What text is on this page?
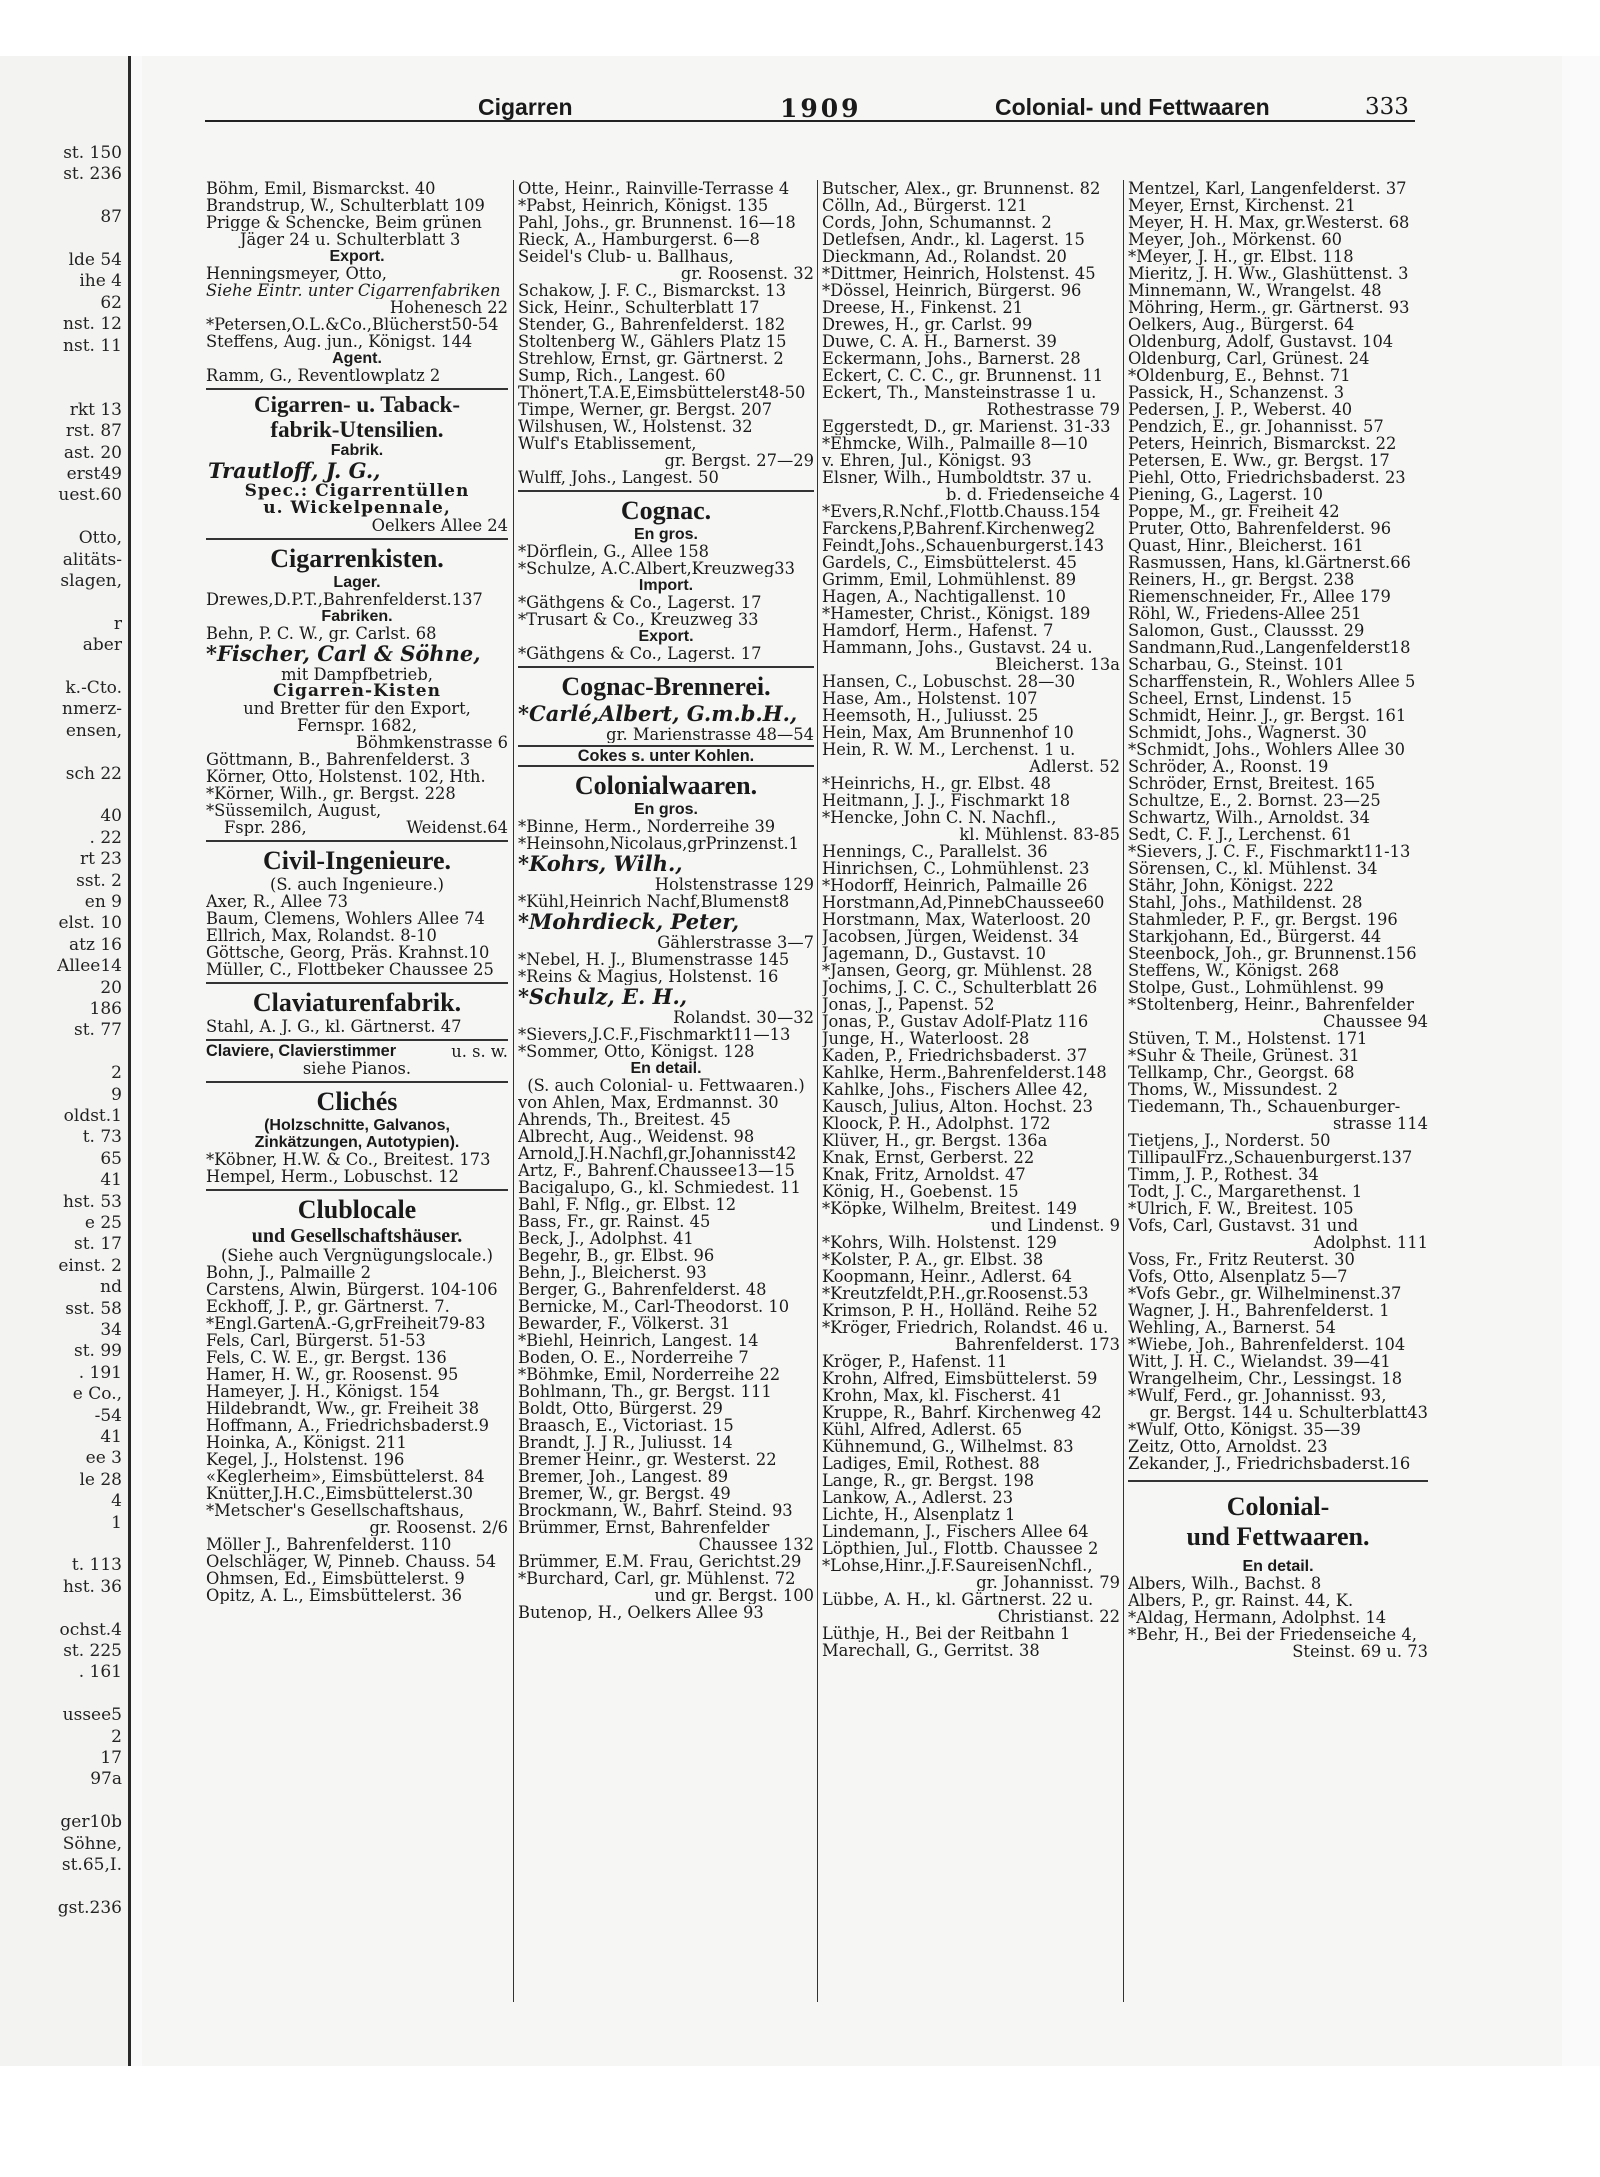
st. 150
st. 236
87
lde 54
ihe 4
62
nst. 12
nst. 11
rkt 13
rst. 87
ast. 20
erst49
uest.60
Otto,
alitäts-
slagen,
r
aber
k.-Cto.
nmerz-
ensen,
sch 22
40
. 22
rt 23
sst. 2
en 9
elst. 10
atz 16
Allee14
20
186
st. 77
2
9
oldst.1
t. 73
65
41
hst. 53
e 25
st. 17
einst. 2
nd
sst. 58
34
st. 99
. 191
e Co.,
-54
41
ee 3
le 28
4
1
t. 113
hst. 36
ochst.4
st. 225
. 161
ussee5
2
17
97a
ger10b
Söhne,
st.65,I.
gst.236
Cigarren	1909	Colonial- und Fettwaaren	333
Böhm, Emil, Bismarckst. 40
Brandstrup, W., Schulterblatt 109
Prigge & Schencke, Beim grünen
Jäger 24 u. Schulterblatt 3
Export.
Henningsmeyer, Otto,
Siehe Eintr. unter Cigarrenfabriken
Hohenesch 22
*Petersen,O.L.&Co.,Blücherst50-54
Steffens, Aug. jun., Königst. 144
Agent.
Ramm, G., Reventlowplatz 2
Cigarren- u. Taback-
fabrik-Utensilien.
Fabrik.
Trautloff, J. G.,
Spec.: Cigarrentüllen
u. Wickelpennale,
Oelkers Allee 24
Cigarrenkisten.
Lager.
Drewes,D.P.T.,Bahrenfelderst.137
Fabriken.
Behn, P. C. W., gr. Carlst. 68
*Fischer, Carl & Söhne,
mit Dampfbetrieb,
Cigarren-Kisten
und Bretter für den Export,
Fernspr. 1682,
Böhmkenstrasse 6
Göttmann, B., Bahrenfelderst. 3
Körner, Otto, Holstenst. 102, Hth.
*Körner, Wilh., gr. Bergst. 228
*Süssemilch, August,
Fspr. 286,	Weidenst.64
Civil-Ingenieure.
(S. auch Ingenieure.)
Axer, R., Allee 73
Baum, Clemens, Wohlers Allee 74
Ellrich, Max, Rolandst. 8-10
Göttsche, Georg, Präs. Krahnst.10
Müller, C., Flottbeker Chaussee 25
Claviaturenfabrik.
Stahl, A. J. G., kl. Gärtnerst. 47
Claviere, Clavierstimmer	u. s. w.
siehe Pianos.
Clichés
(Holzschnitte, Galvanos,
Zinkätzungen, Autotypien).
*Köbner, H.W. & Co., Breitest. 173
Hempel, Herm., Lobuschst. 12
Clublocale
und Gesellschaftshäuser.
(Siehe auch Vergnügungslocale.)
Bohn, J., Palmaille 2
Carstens, Alwin, Bürgerst. 104-106
Eckhoff, J. P., gr. Gärtnerst. 7.
*Engl.GartenA.-G,grFreiheit79-83
Fels, Carl, Bürgerst. 51-53
Fels, C. W. E., gr. Bergst. 136
Hamer, H. W., gr. Roosenst. 95
Hameyer, J. H., Königst. 154
Hildebrandt, Ww., gr. Freiheit 38
Hoffmann, A., Friedrichsbaderst.9
Hoinka, A., Königst. 211
Kegel, J., Holstenst. 196
«Keglerheim», Eimsbüttelerst. 84
Knütter,J.H.C.,Eimsbüttelerst.30
*Metscher's Gesellschaftshaus,
gr. Roosenst. 2/6
Möller J., Bahrenfelderst. 110
Oelschläger, W, Pinneb. Chauss. 54
Ohmsen, Ed., Eimsbüttelerst. 9
Opitz, A. L., Eimsbüttelerst. 36
Otte, Heinr., Rainville-Terrasse 4
*Pabst, Heinrich, Königst. 135
Pahl, Johs., gr. Brunnenst. 16—18
Rieck, A., Hamburgerst. 6—8
Seidel's Club- u. Ballhaus,
gr. Roosenst. 32
Schakow, J. F. C., Bismarckst. 13
Sick, Heinr., Schulterblatt 17
Stender, G., Bahrenfelderst. 182
Stoltenberg W., Gählers Platz 15
Strehlow, Ernst, gr. Gärtnerst. 2
Sump, Rich., Langest. 60
Thönert,T.A.E,Eimsbüttelerst48-50
Timpe, Werner, gr. Bergst. 207
Wilshusen, W., Holstenst. 32
Wulf's Etablissement,
gr. Bergst. 27—29
Wulff, Johs., Langest. 50
Cognac.
En gros.
*Dörflein, G., Allee 158
*Schulze, A.C.Albert,Kreuzweg33
Import.
*Gäthgens & Co., Lagerst. 17
*Trusart & Co., Kreuzweg 33
Export.
*Gäthgens & Co., Lagerst. 17
Cognac-Brennerei.
*Carlé,Albert, G.m.b.H.,
gr. Marienstrasse 48—54
Cokes s. unter Kohlen.
Colonialwaaren.
En gros.
*Binne, Herm., Norderreihe 39
*Heinsohn,Nicolaus,grPrinzenst.1
*Kohrs, Wilh.,
Holstenstrasse 129
*Kühl,Heinrich Nachf,Blumenst8
*Mohrdieck, Peter,
Gählerstrasse 3—7
*Nebel, H. J., Blumenstrasse 145
*Reins & Magius, Holstenst. 16
*Schulz, E. H.,
Rolandst. 30—32
*Sievers,J.C.F.,Fischmarkt11—13
*Sommer, Otto, Königst. 128
En detail.
(S. auch Colonial- u. Fettwaaren.)
von Ahlen, Max, Erdmannst. 30
Ahrends, Th., Breitest. 45
Albrecht, Aug., Weidenst. 98
Arnold,J.H.Nachfl,gr.Johannisst42
Artz, F., Bahrenf.Chaussee13—15
Bacigalupo, G., kl. Schmiedest. 11
Bahl, F. Nflg., gr. Elbst. 12
Bass, Fr., gr. Rainst. 45
Beck, J., Adolphst. 41
Begehr, B., gr. Elbst. 96
Behn, J., Bleicherst. 93
Berger, G., Bahrenfelderst. 48
Bernicke, M., Carl-Theodorst. 10
Bewarder, F., Völkerst. 31
*Biehl, Heinrich, Langest. 14
Boden, O. E., Norderreihe 7
*Böhmke, Emil, Norderreihe 22
Bohlmann, Th., gr. Bergst. 111
Boldt, Otto, Bürgerst. 29
Braasch, E., Victoriast. 15
Brandt, J. J R., Juliusst. 14
Bremer Heinr., gr. Westerst. 22
Bremer, Joh., Langest. 89
Bremer, W., gr. Bergst. 49
Brockmann, W., Bahrf. Steind. 93
Brümmer, Ernst, Bahrenfelder
Chaussee 132
Brümmer, E.M. Frau, Gerichtst.29
*Burchard, Carl, gr. Mühlenst. 72
und gr. Bergst. 100
Butenop, H., Oelkers Allee 93
Butscher, Alex., gr. Brunnenst. 82
Cölln, Ad., Bürgerst. 121
Cords, John, Schumannst. 2
Detlefsen, Andr., kl. Lagerst. 15
Dieckmann, Ad., Rolandst. 20
*Dittmer, Heinrich, Holstenst. 45
*Dössel, Heinrich, Bürgerst. 96
Dreese, H., Finkenst. 21
Drewes, H., gr. Carlst. 99
Duwe, C. A. H., Barnerst. 39
Eckermann, Johs., Barnerst. 28
Eckert, C. C. C., gr. Brunnenst. 11
Eckert, Th., Mansteinstrasse 1 u.
Rothestrasse 79
Eggerstedt, D., gr. Marienst. 31-33
*Ehmcke, Wilh., Palmaille 8—10
v. Ehren, Jul., Königst. 93
Elsner, Wilh., Humboldtstr. 37 u.
b. d. Friedenseiche 4
*Evers,R.Nchf.,Flottb.Chauss.154
Farckens,P,Bahrenf.Kirchenweg2
Feindt,Johs.,Schauenburgerst.143
Gardels, C., Eimsbüttelerst. 45
Grimm, Emil, Lohmühlenst. 89
Hagen, A., Nachtigallenst. 10
*Hamester, Christ., Königst. 189
Hamdorf, Herm., Hafenst. 7
Hammann, Johs., Gustavst. 24 u.
Bleicherst. 13a
Hansen, C., Lobuschst. 28—30
Hase, Am., Holstenst. 107
Heemsoth, H., Juliusst. 25
Hein, Max, Am Brunnenhof 10
Hein, R. W. M., Lerchenst. 1 u.
Adlerst. 52
*Heinrichs, H., gr. Elbst. 48
Heitmann, J. J., Fischmarkt 18
*Hencke, John C. N. Nachfl.,
kl. Mühlenst. 83-85
Hennings, C., Parallelst. 36
Hinrichsen, C., Lohmühlenst. 23
*Hodorff, Heinrich, Palmaille 26
Horstmann,Ad,PinnebChaussee60
Horstmann, Max, Waterloost. 20
Jacobsen, Jürgen, Weidenst. 34
Jagemann, D., Gustavst. 10
*Jansen, Georg, gr. Mühlenst. 28
Jochims, J. C. C., Schulterblatt 26
Jonas, J., Papenst. 52
Jonas, P., Gustav Adolf-Platz 116
Junge, H., Waterloost. 28
Kaden, P., Friedrichsbaderst. 37
Kahlke, Herm.,Bahrenfelderst.148
Kahlke, Johs., Fischers Allee 42,
Kausch, Julius, Alton. Hochst. 23
Kloock, P. H., Adolphst. 172
Klüver, H., gr. Bergst. 136a
Knak, Ernst, Gerberst. 22
Knak, Fritz, Arnoldst. 47
König, H., Goebenst. 15
*Köpke, Wilhelm, Breitest. 149
und Lindenst. 9
*Kohrs, Wilh. Holstenst. 129
*Kolster, P. A., gr. Elbst. 38
Koopmann, Heinr., Adlerst. 64
*Kreutzfeldt,P.H.,gr.Roosenst.53
Krimson, P. H., Holländ. Reihe 52
*Kröger, Friedrich, Rolandst. 46 u.
Bahrenfelderst. 173
Kröger, P., Hafenst. 11
Krohn, Alfred, Eimsbüttelerst. 59
Krohn, Max, kl. Fischerst. 41
Kruppe, R., Bahrf. Kirchenweg 42
Kühl, Alfred, Adlerst. 65
Kühnemund, G., Wilhelmst. 83
Ladiges, Emil, Rothest. 88
Lange, R., gr. Bergst. 198
Lankow, A., Adlerst. 23
Lichte, H., Alsenplatz 1
Lindemann, J., Fischers Allee 64
Löpthien, Jul., Flottb. Chaussee 2
*Lohse,Hinr.,J.F.SaureisenNchfl.,
gr. Johannisst. 79
Lübbe, A. H., kl. Gärtnerst. 22 u.
Christianst. 22
Lüthje, H., Bei der Reitbahn 1
Marechall, G., Gerritst. 38
Mentzel, Karl, Langenfelderst. 37
Meyer, Ernst, Kirchenst. 21
Meyer, H. H. Max, gr.Westerst. 68
Meyer, Joh., Mörkenst. 60
*Meyer, J. H., gr. Elbst. 118
Mieritz, J. H. Ww., Glashüttenst. 3
Minnemann, W., Wrangelst. 48
Möhring, Herm., gr. Gärtnerst. 93
Oelkers, Aug., Bürgerst. 64
Oldenburg, Adolf, Gustavst. 104
Oldenburg, Carl, Grünest. 24
*Oldenburg, E., Behnst. 71
Passick, H., Schanzenst. 3
Pedersen, J. P., Weberst. 40
Pendzich, E., gr. Johannisst. 57
Peters, Heinrich, Bismarckst. 22
Petersen, E. Ww., gr. Bergst. 17
Piehl, Otto, Friedrichsbaderst. 23
Piening, G., Lagerst. 10
Poppe, M., gr. Freiheit 42
Pruter, Otto, Bahrenfelderst. 96
Quast, Hinr., Bleicherst. 161
Rasmussen, Hans, kl.Gärtnerst.66
Reiners, H., gr. Bergst. 238
Riemenschneider, Fr., Allee 179
Röhl, W., Friedens-Allee 251
Salomon, Gust., Claussst. 29
Sandmann,Rud.,Langenfelderst18
Scharbau, G., Steinst. 101
Scharffenstein, R., Wohlers Allee 5
Scheel, Ernst, Lindenst. 15
Schmidt, Heinr. J., gr. Bergst. 161
Schmidt, Johs., Wagnerst. 30
*Schmidt, Johs., Wohlers Allee 30
Schröder, A., Roonst. 19
Schröder, Ernst, Breitest. 165
Schultze, E., 2. Bornst. 23—25
Schwartz, Wilh., Arnoldst. 34
Sedt, C. F. J., Lerchenst. 61
*Sievers, J. C. F., Fischmarkt11-13
Sörensen, C., kl. Mühlenst. 34
Stähr, John, Königst. 222
Stahl, Johs., Mathildenst. 28
Stahmleder, P. F., gr. Bergst. 196
Starkjohann, Ed., Bürgerst. 44
Steenbock, Joh., gr. Brunnenst.156
Steffens, W., Königst. 268
Stolpe, Gust., Lohmühlenst. 99
*Stoltenberg, Heinr., Bahrenfelder
Chaussee 94
Stüven, T. M., Holstenst. 171
*Suhr & Theile, Grünest. 31
Tellkamp, Chr., Georgst. 68
Thoms, W., Missundest. 2
Tiedemann, Th., Schauenburger-
strasse 114
Tietjens, J., Norderst. 50
TillipaulFrz.,Schauenburgerst.137
Timm, J. P., Rothest. 34
Todt, J. C., Margarethenst. 1
*Ulrich, F. W., Breitest. 105
Vofs, Carl, Gustavst. 31 und
Adolphst. 111
Voss, Fr., Fritz Reuterst. 30
Vofs, Otto, Alsenplatz 5—7
*Vofs Gebr., gr. Wilhelminenst.37
Wagner, J. H., Bahrenfelderst. 1
Wehling, A., Barnerst. 54
*Wiebe, Joh., Bahrenfelderst. 104
Witt, J. H. C., Wielandst. 39—41
Wrangelheim, Chr., Lessingst. 18
*Wulf, Ferd., gr. Johannisst. 93,
gr. Bergst. 144 u. Schulterblatt43
*Wulf, Otto, Königst. 35—39
Zeitz, Otto, Arnoldst. 23
Zekander, J., Friedrichsbaderst.16
Colonial-
und Fettwaaren.
En detail.
Albers, Wilh., Bachst. 8
Albers, P., gr. Rainst. 44, K.
*Aldag, Hermann, Adolphst. 14
*Behr, H., Bei der Friedenseiche 4,
Steinst. 69 u. 73
